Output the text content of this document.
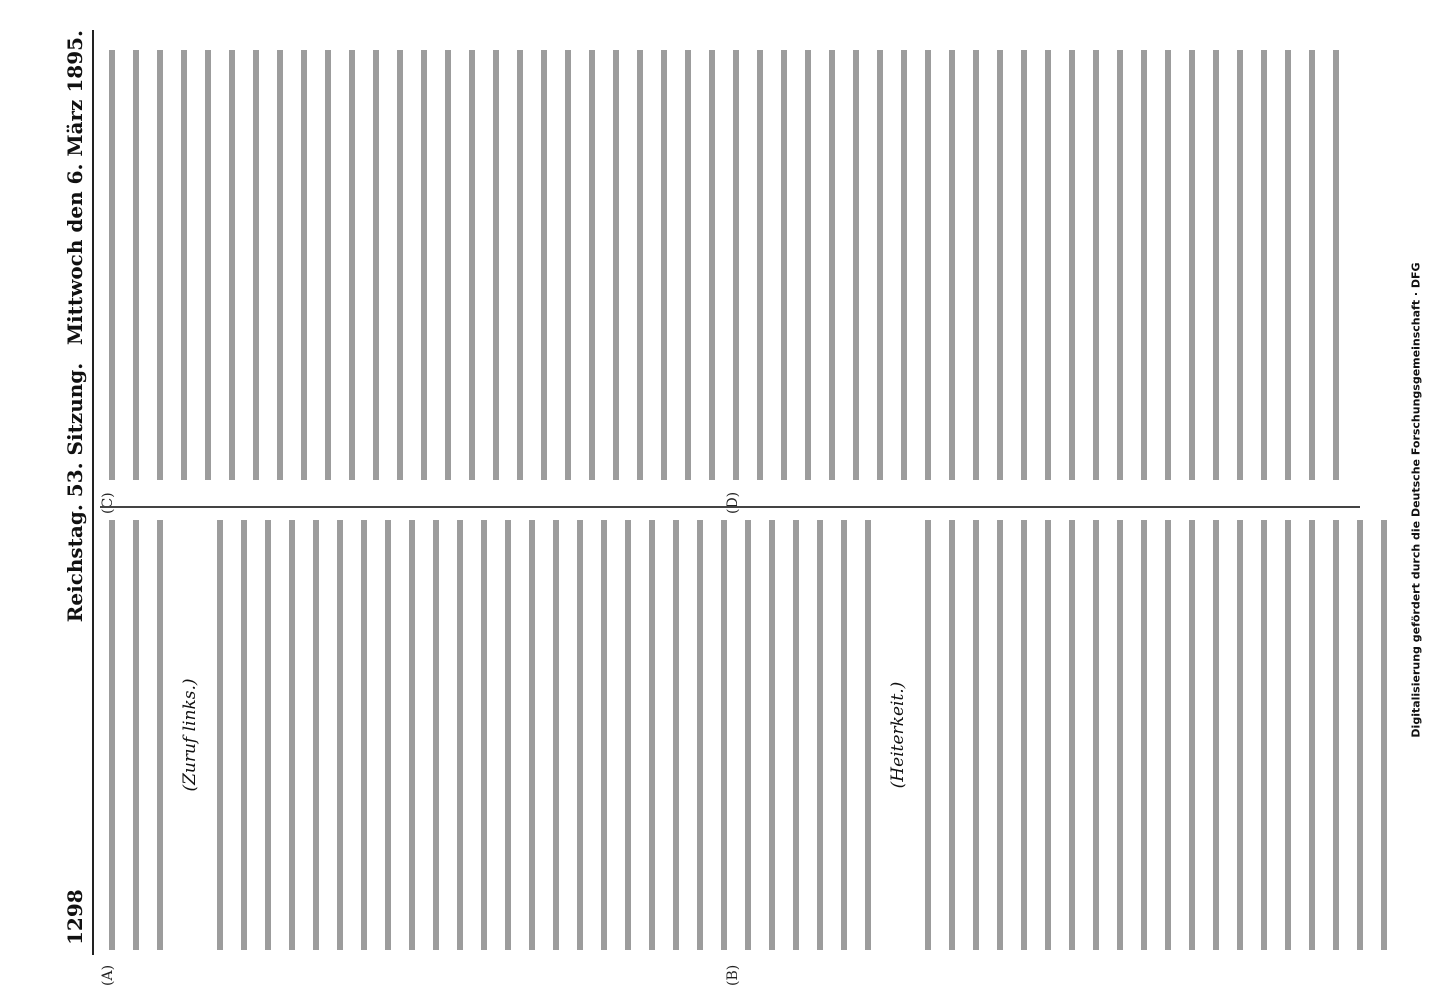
1298
Reichstag. 53. Sitzung.
Mittwoch den 6. März 1895.
(A)	(B)
(C)	(D)
(Zuruf links.)	(Heiterkeit.)	Digitalisierung gefördert durch die Deutsche Forschungsgemeinschaft · DFG
